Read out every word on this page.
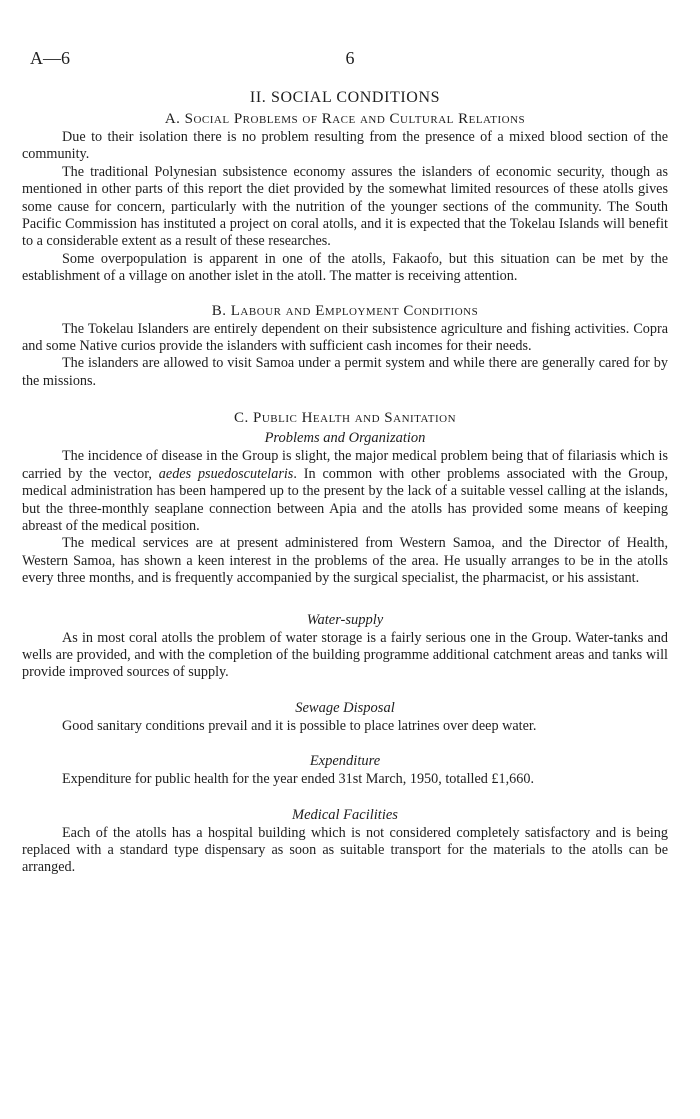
A—6	6
II. SOCIAL CONDITIONS
A. Social Problems of Race and Cultural Relations

Due to their isolation there is no problem resulting from the presence of a mixed blood section of the community.

The traditional Polynesian subsistence economy assures the islanders of economic security, though as mentioned in other parts of this report the diet provided by the somewhat limited resources of these atolls gives some cause for concern, particularly with the nutrition of the younger sections of the community. The South Pacific Commission has instituted a project on coral atolls, and it is expected that the Tokelau Islands will benefit to a considerable extent as a result of these researches.

Some overpopulation is apparent in one of the atolls, Fakaofo, but this situation can be met by the establishment of a village on another islet in the atoll. The matter is receiving attention.

B. Labour and Employment Conditions

The Tokelau Islanders are entirely dependent on their subsistence agriculture and fishing activities. Copra and some Native curios provide the islanders with sufficient cash incomes for their needs.

The islanders are allowed to visit Samoa under a permit system and while there are generally cared for by the missions.

C. Public Health and Sanitation
Problems and Organization

The incidence of disease in the Group is slight, the major medical problem being that of filariasis which is carried by the vector, aedes psuedoscutelaris. In common with other problems associated with the Group, medical administration has been hampered up to the present by the lack of a suitable vessel calling at the islands, but the three-monthly seaplane connection between Apia and the atolls has provided some means of keeping abreast of the medical position.

The medical services are at present administered from Western Samoa, and the Director of Health, Western Samoa, has shown a keen interest in the problems of the area. He usually arranges to be in the atolls every three months, and is frequently accompanied by the surgical specialist, the pharmacist, or his assistant.

Water-supply

As in most coral atolls the problem of water storage is a fairly serious one in the Group. Water-tanks and wells are provided, and with the completion of the building programme additional catchment areas and tanks will provide improved sources of supply.

Sewage Disposal

Good sanitary conditions prevail and it is possible to place latrines over deep water.

Expenditure

Expenditure for public health for the year ended 31st March, 1950, totalled £1,660.

Medical Facilities

Each of the atolls has a hospital building which is not considered completely satisfactory and is being replaced with a standard type dispensary as soon as suitable transport for the materials to the atolls can be arranged.
